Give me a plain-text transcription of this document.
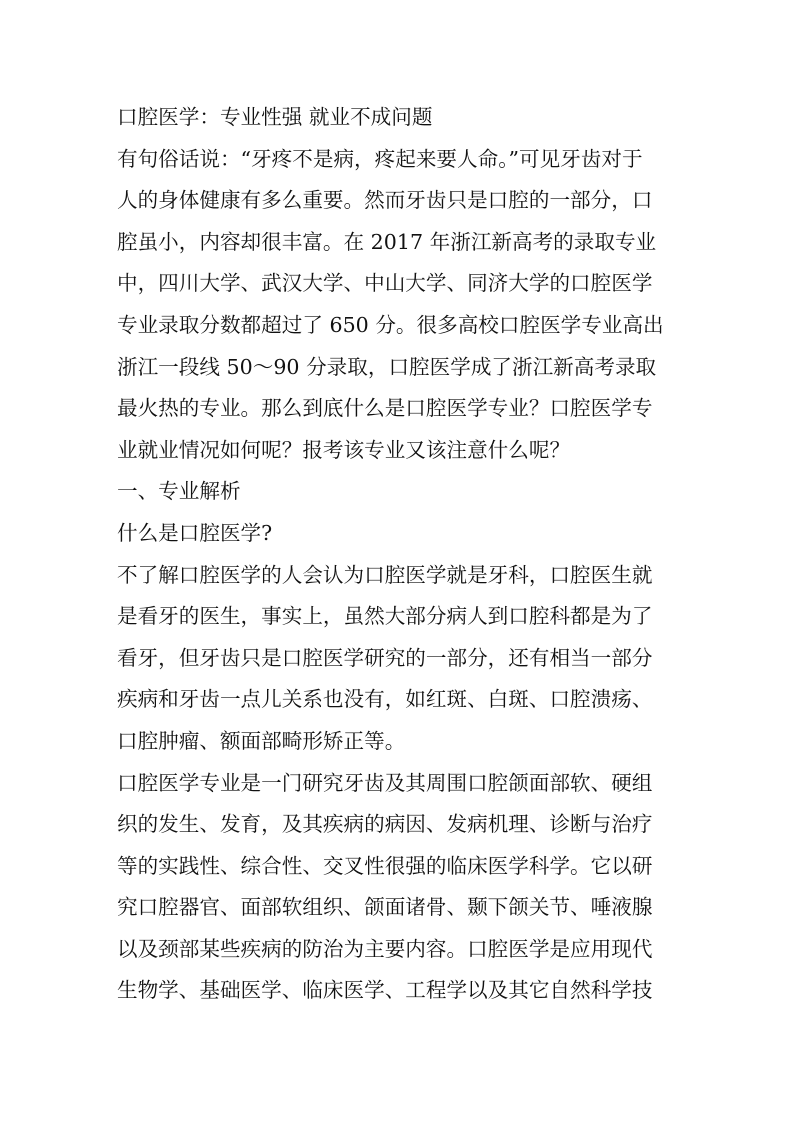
口腔医学：专业性强 就业不成问题
有句俗话说：“牙疼不是病，疼起来要人命。”可见牙齿对于
人的身体健康有多么重要。然而牙齿只是口腔的一部分，口
腔虽小，内容却很丰富。在 2017 年浙江新高考的录取专业
中，四川大学、武汉大学、中山大学、同济大学的口腔医学
专业录取分数都超过了 650 分。很多高校口腔医学专业高出
浙江一段线 50～90 分录取，口腔医学成了浙江新高考录取
最火热的专业。那么到底什么是口腔医学专业？口腔医学专
业就业情况如何呢？报考该专业又该注意什么呢？
一、专业解析
什么是口腔医学?
不了解口腔医学的人会认为口腔医学就是牙科，口腔医生就
是看牙的医生，事实上，虽然大部分病人到口腔科都是为了
看牙，但牙齿只是口腔医学研究的一部分，还有相当一部分
疾病和牙齿一点儿关系也没有，如红斑、白斑、口腔溃疡、
口腔肿瘤、额面部畸形矫正等。
口腔医学专业是一门研究牙齿及其周围口腔颌面部软、硬组
织的发生、发育，及其疾病的病因、发病机理、诊断与治疗
等的实践性、综合性、交叉性很强的临床医学科学。它以研
究口腔器官、面部软组织、颌面诸骨、颞下颌关节、唾液腺
以及颈部某些疾病的防治为主要内容。口腔医学是应用现代
生物学、基础医学、临床医学、工程学以及其它自然科学技
